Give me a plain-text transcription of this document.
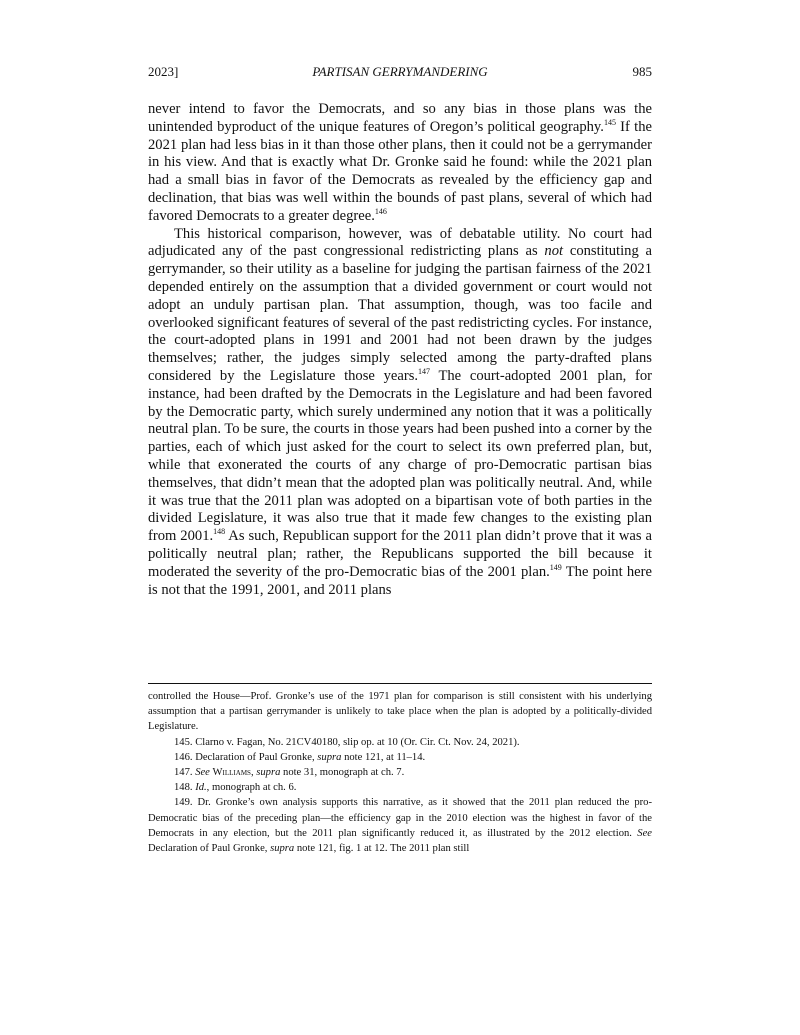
2023]	PARTISAN GERRYMANDERING	985

never intend to favor the Democrats, and so any bias in those plans was the unintended byproduct of the unique features of Oregon’s political geography.$^{145}$ If the 2021 plan had less bias in it than those other plans, then it could not be a gerrymander in his view. And that is exactly what Dr. Gronke said he found: while the 2021 plan had a small bias in favor of the Democrats as revealed by the efficiency gap and declination, that bias was well within the bounds of past plans, several of which had favored Democrats to a greater degree.$^{146}$

This historical comparison, however, was of debatable utility. No court had adjudicated any of the past congressional redistricting plans as not constituting a gerrymander, so their utility as a baseline for judging the partisan fairness of the 2021 depended entirely on the assumption that a divided government or court would not adopt an unduly partisan plan. That assumption, though, was too facile and overlooked significant features of several of the past redistricting cycles. For instance, the court-adopted plans in 1991 and 2001 had not been drawn by the judges themselves; rather, the judges simply selected among the party-drafted plans considered by the Legislature those years.$^{147}$ The court-adopted 2001 plan, for instance, had been drafted by the Democrats in the Legislature and had been favored by the Democratic party, which surely undermined any notion that it was a politically neutral plan. To be sure, the courts in those years had been pushed into a corner by the parties, each of which just asked for the court to select its own preferred plan, but, while that exonerated the courts of any charge of pro-Democratic partisan bias themselves, that didn’t mean that the adopted plan was politically neutral. And, while it was true that the 2011 plan was adopted on a bipartisan vote of both parties in the divided Legislature, it was also true that it made few changes to the existing plan from 2001.$^{148}$ As such, Republican support for the 2011 plan didn’t prove that it was a politically neutral plan; rather, the Republicans supported the bill because it moderated the severity of the pro-Democratic bias of the 2001 plan.$^{149}$ The point here is not that the 1991, 2001, and 2011 plans

controlled the House—Prof. Gronke’s use of the 1971 plan for comparison is still consistent with his underlying assumption that a partisan gerrymander is unlikely to take place when the plan is adopted by a politically-divided Legislature.

145. Clarno v. Fagan, No. 21CV40180, slip op. at 10 (Or. Cir. Ct. Nov. 24, 2021).

146. Declaration of Paul Gronke, supra note 121, at 11–14.

147. See Williams, supra note 31, monograph at ch. 7.

148. Id., monograph at ch. 6.

149. Dr. Gronke’s own analysis supports this narrative, as it showed that the 2011 plan reduced the pro-Democratic bias of the preceding plan—the efficiency gap in the 2010 election was the highest in favor of the Democrats in any election, but the 2011 plan significantly reduced it, as illustrated by the 2012 election. See Declaration of Paul Gronke, supra note 121, fig. 1 at 12. The 2011 plan still
